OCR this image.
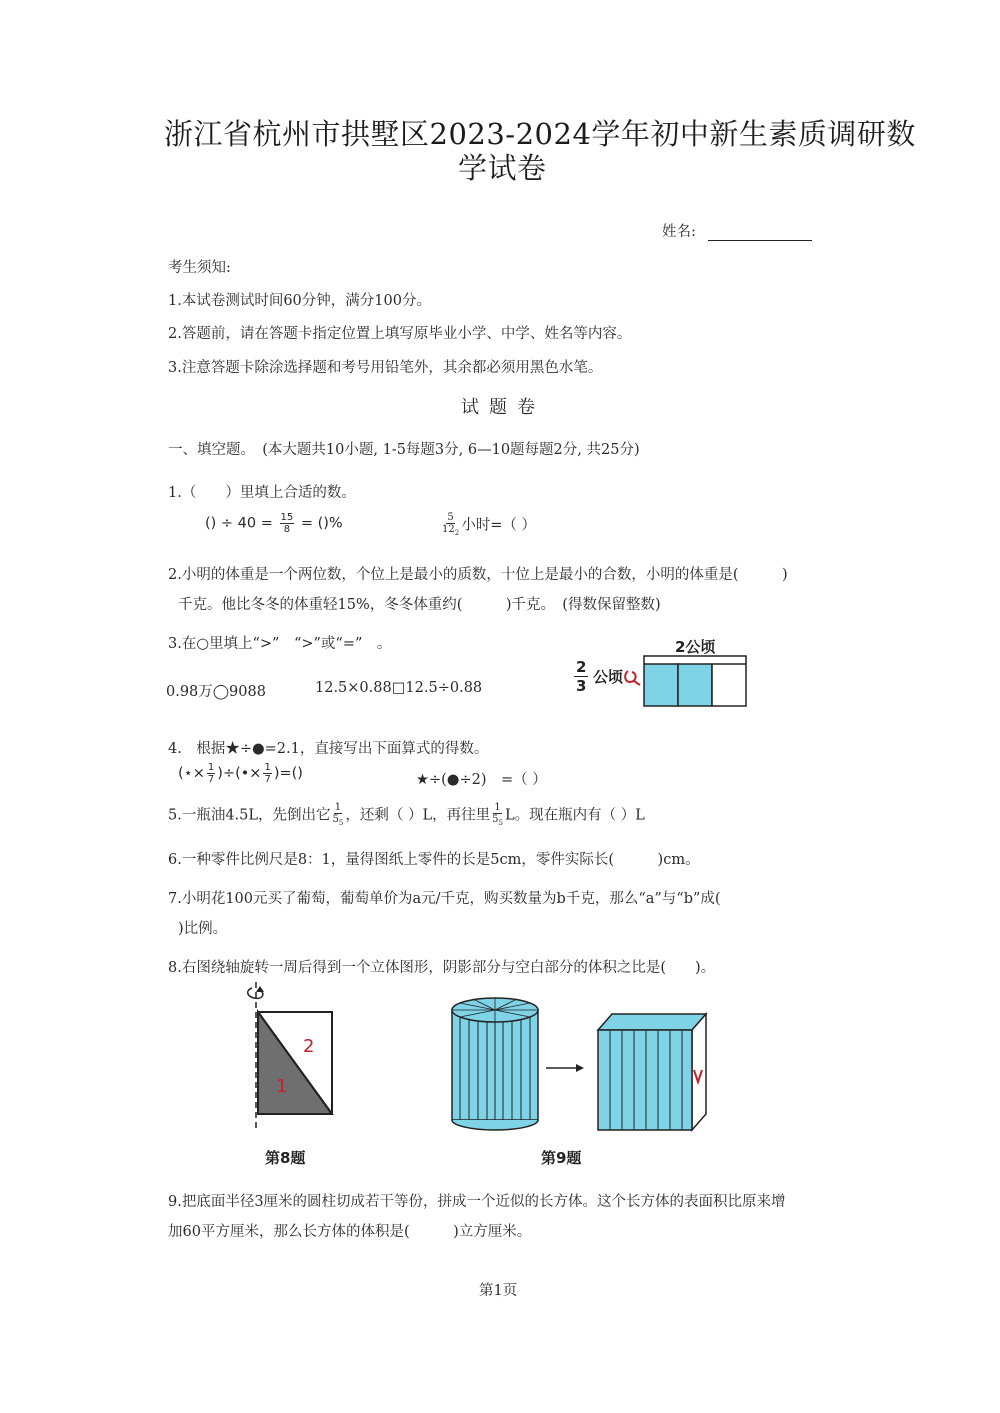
浙江省杭州市拱墅区2023-2024学年初中新生素质调研数
学试卷
姓名:
考生须知:
1.本试卷测试时间60分钟，满分100分。
2.答题前，请在答题卡指定位置上填写原毕业小学、中学、姓名等内容。
3.注意答题卡除涂选择题和考号用铅笔外，其余都必须用黑色水笔。
试题卷
一、填空题。　(本大题共10小题, 1-5每题3分, 6—10题每题2分, 共25分)
1.（　　）里填上合适的数。
() ÷ $40 = \frac{15}{8}$ = ()%	$\frac{5}{12_2}$ 小时=（ ）
2.小明的体重是一个两位数，个位上是最小的质数，十位上是最小的合数，小明的体重是(　　　)
千克。他比冬冬的体重轻15%，冬冬体重约(　　　)千克。　(得数保留整数)
3.在○里填上“>”　“>”或“=”　。
0.98万◯9088	12.5×0.88□12.5÷0.88
2公顷
$\frac{2}{3}$ 公顷
4.　根据★÷●=2.1，直接写出下面算式的得数。
(⋆× $\frac{1}{7}$ )÷(•× $\frac{1}{7}$ )=()	★÷(●÷2)　=（ ）
5.一瓶油4.5L，先倒出它 $\frac{1}{5_5}$ ，还剩（ ）L，再往里 $\frac{1}{5_5}$ L。现在瓶内有（ ）L
6.一种零件比例尺是8：1，量得图纸上零件的长是5cm，零件实际长(　　　)cm。
7.小明花100元买了葡萄，葡萄单价为a元/千克，购买数量为b千克，那么“a”与“b”成(
)比例。
8.右图绕轴旋转一周后得到一个立体图形，阴影部分与空白部分的体积之比是(　　)。
2
1
第8题	第9题
9.把底面半径3厘米的圆柱切成若干等份，拼成一个近似的长方体。这个长方体的表面积比原来增
加60平方厘米，那么长方体的体积是(　　　)立方厘米。
第1页
